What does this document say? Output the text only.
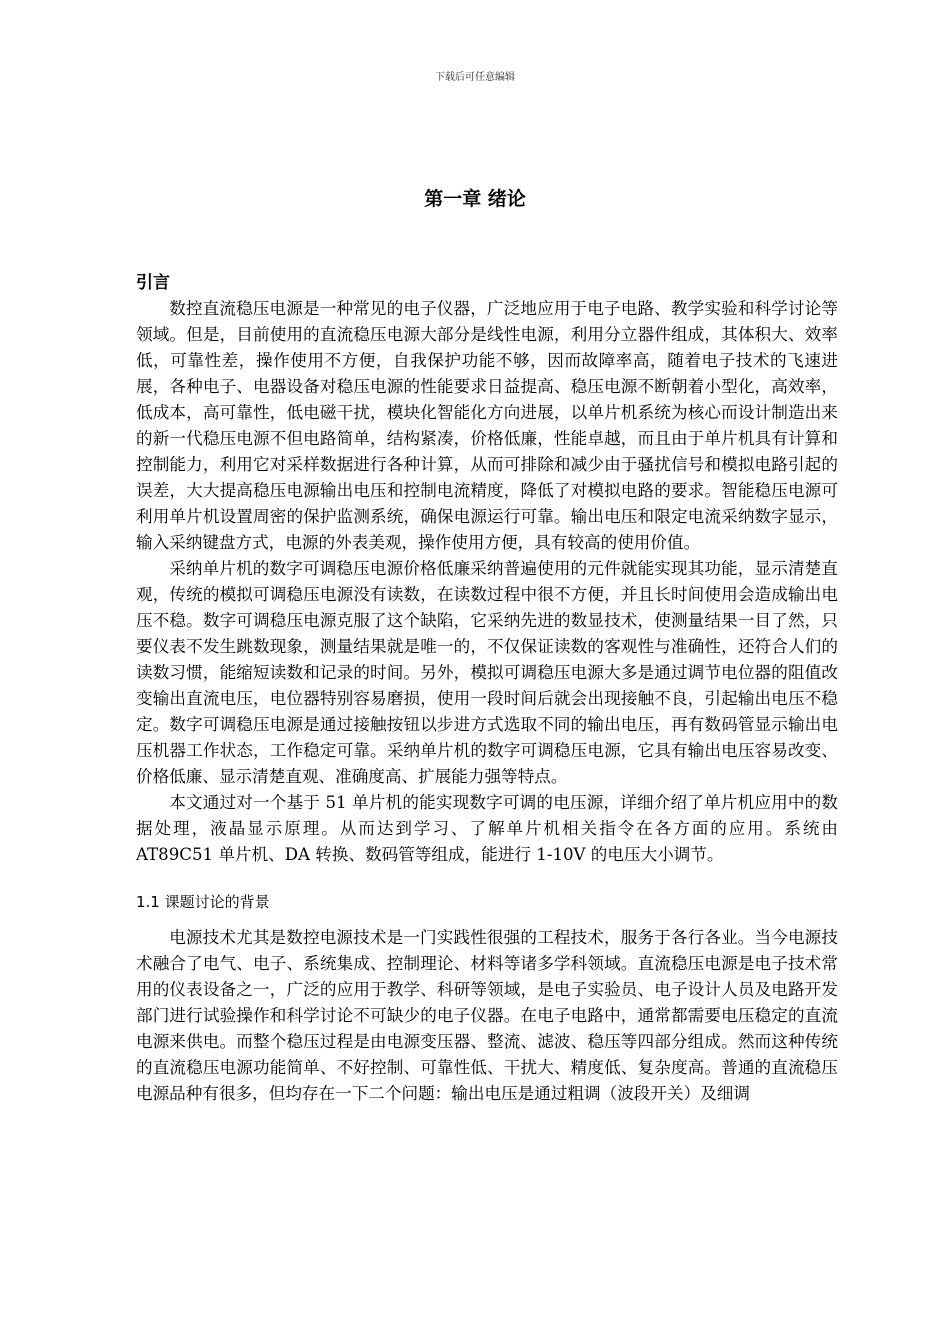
下载后可任意编辑
第一章 绪论
引言

数控直流稳压电源是一种常见的电子仪器，广泛地应用于电子电路、教学实验和科学讨论等领域。但是，目前使用的直流稳压电源大部分是线性电源，利用分立器件组成，其体积大、效率低，可靠性差，操作使用不方便，自我保护功能不够，因而故障率高，随着电子技术的飞速进展，各种电子、电器设备对稳压电源的性能要求日益提高、稳压电源不断朝着小型化，高效率，低成本，高可靠性，低电磁干扰，模块化智能化方向进展，以单片机系统为核心而设计制造出来的新一代稳压电源不但电路简单，结构紧凑，价格低廉，性能卓越，而且由于单片机具有计算和控制能力，利用它对采样数据进行各种计算，从而可排除和减少由于骚扰信号和模拟电路引起的误差，大大提高稳压电源输出电压和控制电流精度，降低了对模拟电路的要求。智能稳压电源可利用单片机设置周密的保护监测系统，确保电源运行可靠。输出电压和限定电流采纳数字显示，输入采纳键盘方式，电源的外表美观，操作使用方便，具有较高的使用价值。

采纳单片机的数字可调稳压电源价格低廉采纳普遍使用的元件就能实现其功能，显示清楚直观，传统的模拟可调稳压电源没有读数，在读数过程中很不方便，并且长时间使用会造成输出电压不稳。数字可调稳压电源克服了这个缺陷，它采纳先进的数显技术，使测量结果一目了然，只要仪表不发生跳数现象，测量结果就是唯一的，不仅保证读数的客观性与准确性，还符合人们的读数习惯，能缩短读数和记录的时间。另外，模拟可调稳压电源大多是通过调节电位器的阻值改变输出直流电压，电位器特别容易磨损，使用一段时间后就会出现接触不良，引起输出电压不稳定。数字可调稳压电源是通过接触按钮以步进方式选取不同的输出电压，再有数码管显示输出电压机器工作状态，工作稳定可靠。采纳单片机的数字可调稳压电源，它具有输出电压容易改变、价格低廉、显示清楚直观、准确度高、扩展能力强等特点。

本文通过对一个基于 51 单片机的能实现数字可调的电压源，详细介绍了单片机应用中的数据处理，液晶显示原理。从而达到学习、了解单片机相关指令在各方面的应用。系统由 AT89C51 单片机、DA 转换、数码管等组成，能进行 1-10V 的电压大小调节。

1.1 课题讨论的背景

电源技术尤其是数控电源技术是一门实践性很强的工程技术，服务于各行各业。当今电源技术融合了电气、电子、系统集成、控制理论、材料等诸多学科领域。直流稳压电源是电子技术常用的仪表设备之一，广泛的应用于教学、科研等领域，是电子实验员、电子设计人员及电路开发部门进行试验操作和科学讨论不可缺少的电子仪器。在电子电路中，通常都需要电压稳定的直流电源来供电。而整个稳压过程是由电源变压器、整流、滤波、稳压等四部分组成。然而这种传统的直流稳压电源功能简单、不好控制、可靠性低、干扰大、精度低、复杂度高。普通的直流稳压电源品种有很多，但均存在一下二个问题：输出电压是通过粗调（波段开关）及细调
